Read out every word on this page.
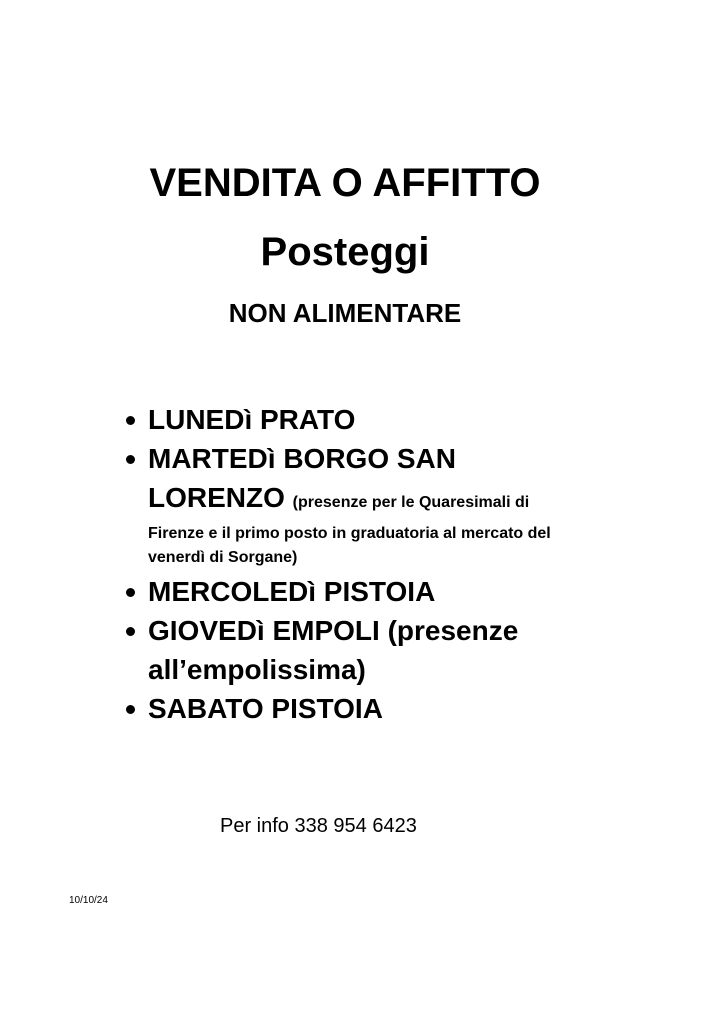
VENDITA O AFFITTO
Posteggi
NON ALIMENTARE
LUNEDì PRATO
MARTEDì BORGO SAN
LORENZO (presenze per le Quaresimali di
Firenze e il primo posto in graduatoria al mercato del venerdì di Sorgane)
MERCOLEDì PISTOIA
GIOVEDì EMPOLI (presenze all’empolissima)
SABATO PISTOIA

Per info 338 954 6423

10/10/24
